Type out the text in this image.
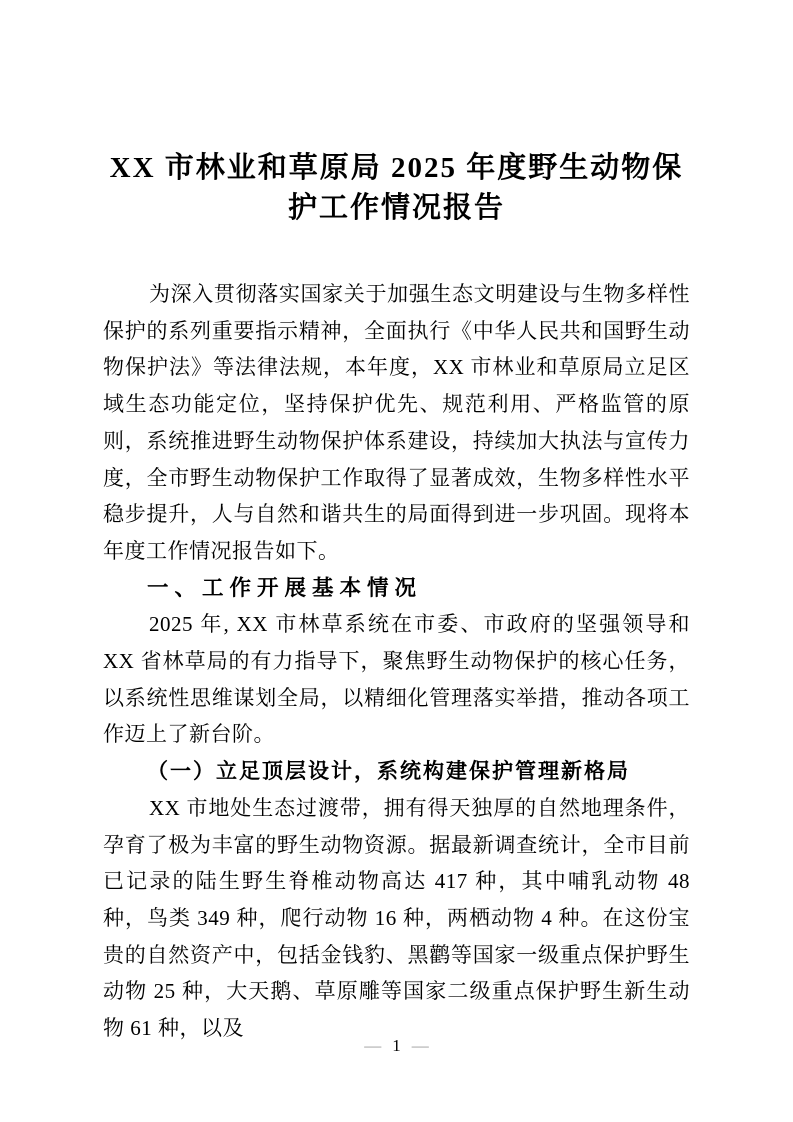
XX 市林业和草原局 2025 年度野生动物保护工作情况报告

为深入贯彻落实国家关于加强生态文明建设与生物多样性保护的系列重要指示精神，全面执行《中华人民共和国野生动物保护法》等法律法规，本年度，XX 市林业和草原局立足区域生态功能定位，坚持保护优先、规范利用、严格监管的原则，系统推进野生动物保护体系建设，持续加大执法与宣传力度，全市野生动物保护工作取得了显著成效，生物多样性水平稳步提升，人与自然和谐共生的局面得到进一步巩固。现将本年度工作情况报告如下。

一、工作开展基本情况

2025 年, XX 市林草系统在市委、市政府的坚强领导和 XX 省林草局的有力指导下，聚焦野生动物保护的核心任务，以系统性思维谋划全局，以精细化管理落实举措，推动各项工作迈上了新台阶。

（一）立足顶层设计，系统构建保护管理新格局

XX 市地处生态过渡带，拥有得天独厚的自然地理条件，孕育了极为丰富的野生动物资源。据最新调查统计，全市目前已记录的陆生野生脊椎动物高达 417 种，其中哺乳动物 48 种，鸟类 349 种，爬行动物 16 种，两栖动物 4 种。在这份宝贵的自然资产中，包括金钱豹、黑鹳等国家一级重点保护野生动物 25 种，大天鹅、草原雕等国家二级重点保护野生新生动物 61 种，以及

— 1 —
